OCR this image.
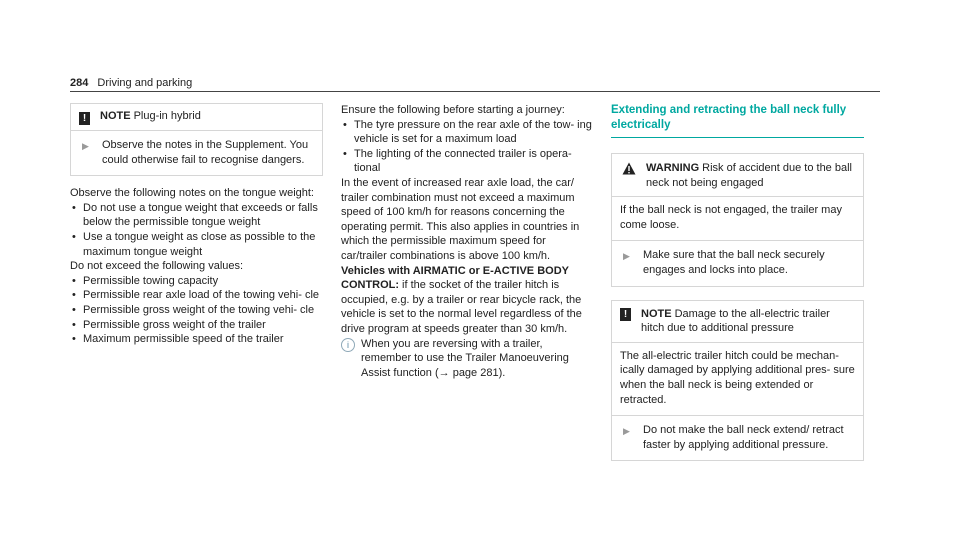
284 Driving and parking
! NOTE Plug-in hybrid
▶	Observe the notes in the Supplement. You could otherwise fail to recognise dangers.

Observe the following notes on the tongue weight:

• Do not use a tongue weight that exceeds or falls below the permissible tongue weight
• Use a tongue weight as close as possible to the maximum tongue weight

Do not exceed the following values:

• Permissible towing capacity
• Permissible rear axle load of the towing vehi- cle
• Permissible gross weight of the towing vehi- cle
• Permissible gross weight of the trailer
• Maximum permissible speed of the trailer

Ensure the following before starting a journey:

• The tyre pressure on the rear axle of the tow- ing vehicle is set for a maximum load
• The lighting of the connected trailer is opera- tional

In the event of increased rear axle load, the car/ trailer combination must not exceed a maximum speed of 100 km/h for reasons concerning the operating permit. This also applies in countries in which the permissible maximum speed for car/trailer combinations is above 100 km/h.

Vehicles with AIRMATIC or E-ACTIVE BODY CONTROL: if the socket of the trailer hitch is occupied, e.g. by a trailer or rear bicycle rack, the vehicle is set to the normal level regardless of the drive program at speeds greater than 30 km/h.

i	When you are reversing with a trailer, remember to use the Trailer Manoeuvering Assist function (→ page 281).
Extending and retracting the ball neck fully electrically
WARNING Risk of accident due to the ball neck not being engaged

If the ball neck is not engaged, the trailer may come loose.

▶	Make sure that the ball neck securely engages and locks into place.
!	NOTE Damage to the all-electric trailer hitch due to additional pressure

The all-electric trailer hitch could be mechan- ically damaged by applying additional pres- sure when the ball neck is being extended or retracted.

▶	Do not make the ball neck extend/ retract faster by applying additional pressure.
